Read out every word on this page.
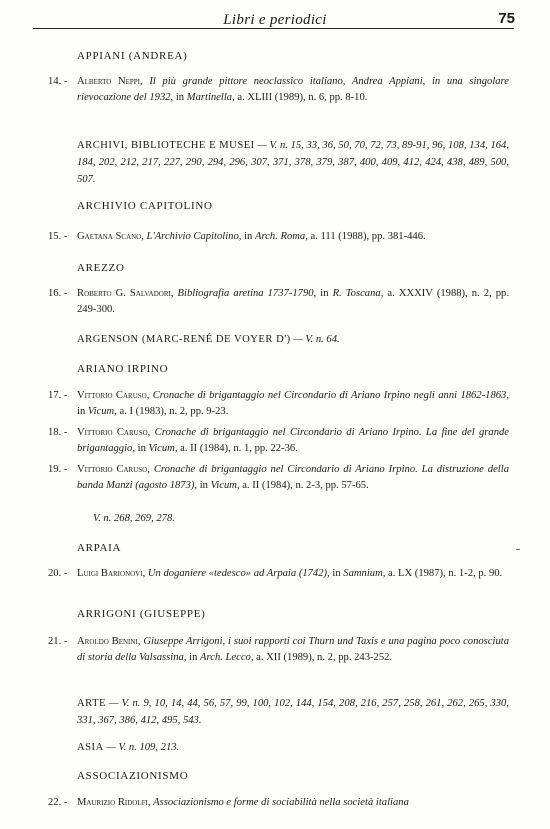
Libri e periodici	75
APPIANI (ANDREA)
14. - Alberto Neppi, Il più grande pittore neoclassico italiano, Andrea Appiani, in una singolare rievocazione del 1932, in Martinella, a. XLIII (1989), n. 6, pp. 8-10.
ARCHIVI, BIBLIOTECHE E MUSEI — V. n. 15, 33, 36, 50, 70, 72, 73, 89-91, 96, 108, 134, 164, 184, 202, 212, 217, 227, 290, 294, 296, 307, 371, 378, 379, 387, 400, 409, 412, 424, 438, 489, 500, 507.
ARCHIVIO CAPITOLINO
15. - Gaetana Scano, L'Archivio Capitolino, in Arch. Roma, a. 111 (1988), pp. 381-446.
AREZZO
16. - Roberto G. Salvadori, Bibliografia aretina 1737-1790, in R. Toscana, a. XXXIV (1988), n. 2, pp. 249-300.
ARGENSON (MARC-RENÉ DE VOYER D') — V. n. 64.
ARIANO IRPINO
17. - Vittorio Caruso, Cronache di brigantaggio nel Circondario di Ariano Irpino negli anni 1862-1863, in Vicum, a. I (1983), n. 2, pp. 9-23.
18. - Vittorio Caruso, Cronache di brigantaggio nel Circondario di Ariano Irpino. La fine del grande brigantaggio, in Vicum, a. II (1984), n. 1, pp. 22-36.
19. - Vittorio Caruso, Cronache di brigantaggio nel Circondario di Ariano Irpino. La distruzione della banda Manzi (agosto 1873), in Vicum, a. II (1984), n. 2-3, pp. 57-65.
V. n. 268, 269, 278.
ARPAIA
20. - Luigi Barionovi, Un doganiere «tedesco» ad Arpaia (1742), in Samnium, a. LX (1987), n. 1-2, p. 90.
ARRIGONI (GIUSEPPE)
21. - Aroldo Benini, Giuseppe Arrigoni, i suoi rapporti coi Thurn und Taxis e una pagina poco conosciuta di storia della Valsassina, in Arch. Lecco, a. XII (1989), n. 2, pp. 243-252.
ARTE — V. n. 9, 10, 14, 44, 56, 57, 99, 100, 102, 144, 154, 208, 216, 257, 258, 261, 262, 265, 330, 331, 367, 386, 412, 495, 543.
ASIA — V. n. 109, 213.
ASSOCIAZIONISMO
22. - Maurizio Ridolfi, Associazionismo e forme di sociabilità nella società italiana
